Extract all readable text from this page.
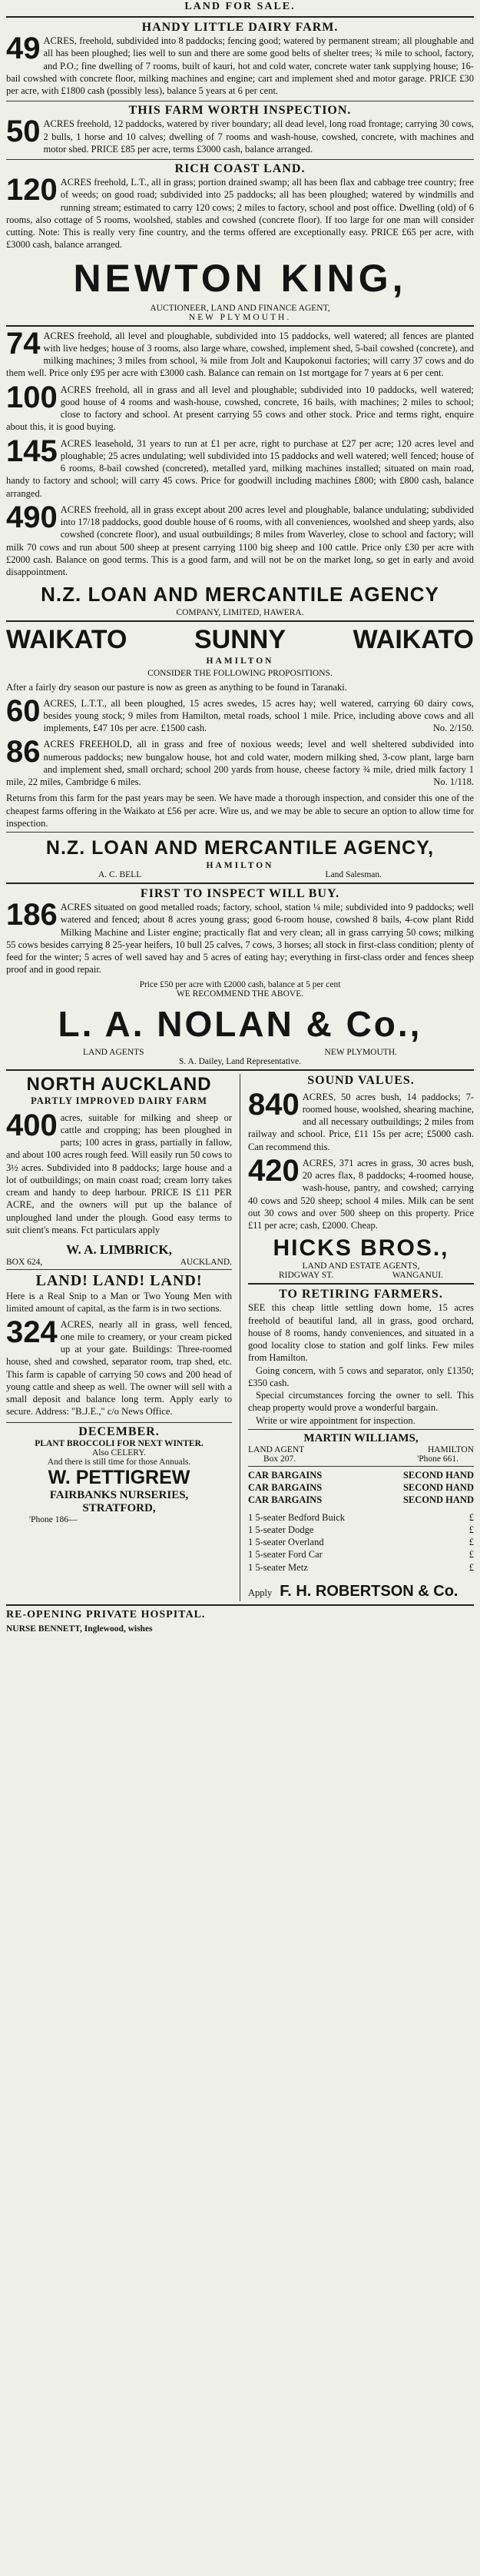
LAND FOR SALE.
HANDY LITTLE DAIRY FARM.
49 ACRES, freehold, subdivided into 8 paddocks; fencing good; watered by permanent stream; all ploughable and all has been ploughed; lies well to sun and there are some good belts of shelter trees; ¾ mile to school, factory, and P.O.; fine dwelling of 7 rooms, built of kauri, hot and cold water, concrete water tank supplying house; 16-bail cowshed with concrete floor, milking machines and engine; cart and implement shed and motor garage. PRICE £30 per acre, with £1800 cash (possibly less), balance 5 years at 6 per cent.
THIS FARM WORTH INSPECTION.
50 ACRES freehold, 12 paddocks, watered by river boundary; all dead level, long road frontage; carrying 30 cows, 2 bulls, 1 horse and 10 calves; dwelling of 7 rooms and wash-house, cowshed, concrete, with machines and motor shed. PRICE £85 per acre, terms £3000 cash, balance arranged.
RICH COAST LAND.
120 ACRES freehold, L.T., all in grass; portion drained swamp; all has been flax and cabbage tree country; free of weeds; on good road; subdivided into 25 paddocks; all has been ploughed; watered by windmills and running stream; estimated to carry 120 cows; 2 miles to factory, school and post office. Dwelling (old) of 6 rooms, also cottage of 5 rooms, woolshed, stables and cowshed (concrete floor). If too large for one man will consider cutting. Note: This is really very fine country, and the terms offered are exceptionally easy. PRICE £65 per acre, with £3000 cash, balance arranged.
NEWTON KING,
AUCTIONEER, LAND AND FINANCE AGENT,
NEW PLYMOUTH.
74 ACRES freehold, all level and ploughable, subdivided into 15 paddocks, well watered; all fences are planted with live hedges; house of 3 rooms, also large whare, cowshed, implement shed, 5-bail cowshed (concrete), and milking machines; 3 miles from school, ¾ mile from Jolt and Kaupokonui factories; will carry 37 cows and do them well. Price only £95 per acre with £3000 cash. Balance can remain on 1st mortgage for 7 years at 6 per cent.
100 ACRES freehold, all in grass and all level and ploughable; subdivided into 10 paddocks, well watered; good house of 4 rooms and wash-house, cowshed, concrete, 16 bails, with machines; 2 miles to school; close to factory and school. At present carrying 55 cows and other stock. Price and terms right, enquire about this, it is good buying.
145 ACRES leasehold, 31 years to run at £1 per acre, right to purchase at £27 per acre; 120 acres level and ploughable; 25 acres undulating; well subdivided into 15 paddocks and well watered; well fenced; house of 6 rooms, 8-bail cowshed (concreted), metalled yard, milking machines installed; situated on main road, handy to factory and school; will carry 45 cows. Price for goodwill including machines £800; with £800 cash, balance arranged.
490 ACRES freehold, all in grass except about 200 acres level and ploughable, balance undulating; subdivided into 17/18 paddocks, good double house of 6 rooms, with all conveniences, woolshed and sheep yards, also cowshed (concrete floor), and usual outbuildings; 8 miles from Waverley, close to school and factory; will milk 70 cows and run about 500 sheep at present carrying 1100 big sheep and 100 cattle. Price only £30 per acre with £2000 cash. Balance on good terms. This is a good farm, and will not be on the market long, so get in early and avoid disappointment.
N.Z. LOAN AND MERCANTILE AGENCY
COMPANY, LIMITED, HAWERA.
WAIKATO	SUNNY	WAIKATO
HAMILTON
CONSIDER THE FOLLOWING PROPOSITIONS.
After a fairly dry season our pasture is now as green as anything to be found in Taranaki.
60 ACRES, L.T.T., all been ploughed, 15 acres swedes, 15 acres hay; well watered, carrying 60 dairy cows, besides young stock; 9 miles from Hamilton, metal roads, school 1 mile. Price, including above cows and all implements, £47 10s per acre. £1500 cash.	No. 2/150.
86 ACRES FREEHOLD, all in grass and free of noxious weeds; level and well sheltered subdivided into numerous paddocks; new bungalow house, hot and cold water, modern milking shed, 3-cow plant, large barn and implement shed, small orchard; school 200 yards from house, cheese factory ¾ mile, dried milk factory 1 mile, 22 miles, Cambridge 6 miles.	No. 1/118.
Returns from this farm for the past years may be seen. We have made a thorough inspection, and consider this one of the cheapest farms offering in the Waikato at £56 per acre. Wire us, and we may be able to secure an option to allow time for inspection.
N.Z. LOAN AND MERCANTILE AGENCY,
HAMILTON
A. C. BELL	Land Salesman.
FIRST TO INSPECT WILL BUY.
186 ACRES situated on good metalled roads; factory, school, station ¼ mile; subdivided into 9 paddocks; well watered and fenced; about 8 acres young grass; good 6-room house, cowshed 8 bails, 4-cow plant Ridd Milking Machine and Lister engine; practically flat and very clean; all in grass carrying 50 cows; milking 55 cows besides carrying 8 25-year heifers, 10 bull 25 calves, 7 cows, 3 horses; all stock in first-class condition; plenty of feed for the winter; 5 acres of well saved hay and 5 acres of eating hay; everything in first-class order and fences sheep proof and in good repair.
Price £50 per acre with £2000 cash, balance at 5 per cent
WE RECOMMEND THE ABOVE.
L. A. NOLAN & Co.,
LAND AGENTS	NEW PLYMOUTH.
S. A. Dailey, Land Representative.
NORTH AUCKLAND
PARTLY IMPROVED DAIRY FARM
400 acres, suitable for milking and sheep or cattle and cropping; has been ploughed in parts; 100 acres in grass, partially in fallow, and about 100 acres rough feed. Will easily run 50 cows to 3½ acres. Subdivided into 8 paddocks; large house and a lot of outbuildings; on main coast road; cream lorry takes cream and handy to deep harbour. PRICE IS £11 PER ACRE, and the owners will put up the balance of unploughed land under the plough. Good easy terms to suit client's means. Fct particulars apply
W. A. LIMBRICK,
BOX 624,	AUCKLAND.
LAND! LAND! LAND!
Here is a Real Snip to a Man or Two Young Men with limited amount of capital, as the farm is in two sections.
324 ACRES, nearly all in grass, well fenced, one mile to creamery, or your cream picked up at your gate. Buildings: Three-roomed house, shed and cowshed, separator room, trap shed, etc. This farm is capable of carrying 50 cows and 200 head of young cattle and sheep as well. The owner will sell with a small deposit and balance long term. Apply early to secure. Address: "B.J.E.," c/o News Office.
DECEMBER.
PLANT BROCCOLI FOR NEXT WINTER.
Also CELERY.
And there is still time for those Annuals.
W. PETTIGREW
FAIRBANKS NURSERIES,
STRATFORD,
'Phone 186—
SOUND VALUES.
840 ACRES, 50 acres bush, 14 paddocks; 7-roomed house, woolshed, shearing machine, and all necessary outbuildings; 2 miles from railway and school. Price, £11 15s per acre; £5000 cash. Can recommend this.
420 ACRES, 371 acres in grass, 30 acres bush, 20 acres flax, 8 paddocks; 4-roomed house, wash-house, pantry, and cowshed; carrying 40 cows and 520 sheep; school 4 miles. Milk can be sent out 30 cows and over 500 sheep on this property. Price £11 per acre; cash, £2000. Cheap.
HICKS BROS.,
LAND AND ESTATE AGENTS,
RIDGWAY ST.	WANGANUI.
TO RETIRING FARMERS.
SEE this cheap little settling down home, 15 acres freehold of beautiful land, all in grass, good orchard, house of 8 rooms, handy conveniences, and situated in a good locality close to station and golf links. Few miles from Hamilton.
Going concern, with 5 cows and separator, only £1350; £350 cash.
Special circumstances forcing the owner to sell. This cheap property would prove a wonderful bargain.
Write or wire appointment for inspection.
MARTIN WILLIAMS,
LAND AGENT	HAMILTON
Box 207.	'Phone 661.
CAR BARGAINS	SECOND HAND
CAR BARGAINS	SECOND HAND
CAR BARGAINS	SECOND HAND
1 5-seater Bedford Buick	£
1 5-seater Dodge	£
1 5-seater Overland	£
1 5-seater Ford Car	£
1 5-seater Metz	£
Apply F. H. ROBERTSON & Co.
RE-OPENING PRIVATE HOSPITAL.
NURSE BENNETT, Inglewood, wishes
